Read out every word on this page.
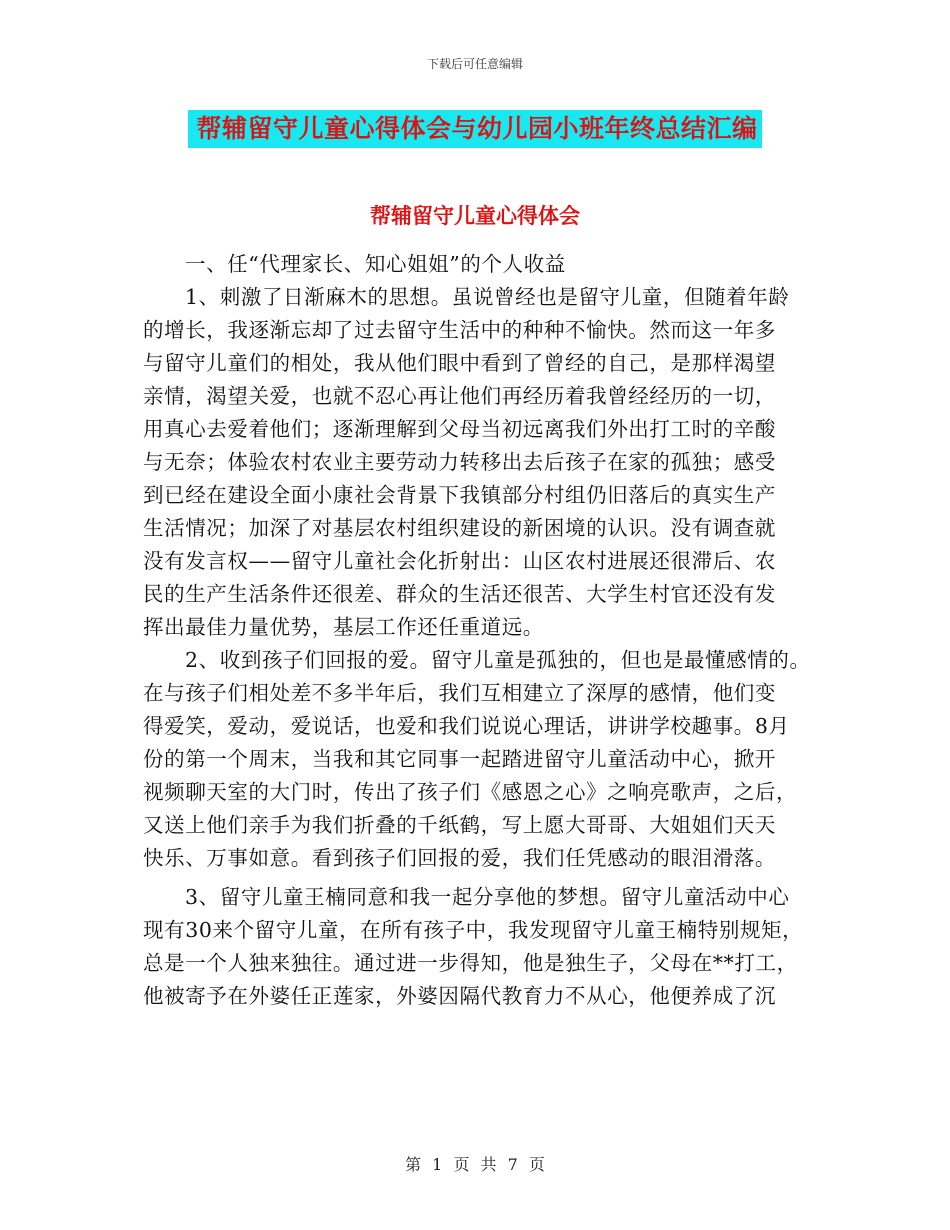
下载后可任意编辑
帮辅留守儿童心得体会与幼儿园小班年终总结汇编
帮辅留守儿童心得体会
一、任“代理家长、知心姐姐”的个人收益
1、刺激了日渐麻木的思想。虽说曾经也是留守儿童，但随着年龄
的增长，我逐渐忘却了过去留守生活中的种种不愉快。然而这一年多
与留守儿童们的相处，我从他们眼中看到了曾经的自己，是那样渴望
亲情，渴望关爱，也就不忍心再让他们再经历着我曾经经历的一切，
用真心去爱着他们；逐渐理解到父母当初远离我们外出打工时的辛酸
与无奈；体验农村农业主要劳动力转移出去后孩子在家的孤独；感受
到已经在建设全面小康社会背景下我镇部分村组仍旧落后的真实生产
生活情况；加深了对基层农村组织建设的新困境的认识。没有调查就
没有发言权——留守儿童社会化折射出：山区农村进展还很滞后、农
民的生产生活条件还很差、群众的生活还很苦、大学生村官还没有发
挥出最佳力量优势，基层工作还任重道远。
2、收到孩子们回报的爱。留守儿童是孤独的，但也是最懂感情的。
在与孩子们相处差不多半年后，我们互相建立了深厚的感情，他们变
得爱笑，爱动，爱说话，也爱和我们说说心理话，讲讲学校趣事。8月
份的第一个周末，当我和其它同事一起踏进留守儿童活动中心，掀开
视频聊天室的大门时，传出了孩子们《感恩之心》之响亮歌声，之后，
又送上他们亲手为我们折叠的千纸鹤，写上愿大哥哥、大姐姐们天天
快乐、万事如意。看到孩子们回报的爱，我们任凭感动的眼泪滑落。
3、留守儿童王楠同意和我一起分享他的梦想。留守儿童活动中心
现有30来个留守儿童，在所有孩子中，我发现留守儿童王楠特别规矩，
总是一个人独来独往。通过进一步得知，他是独生子，父母在**打工，
他被寄予在外婆任正莲家，外婆因隔代教育力不从心，他便养成了沉
第 1 页 共 7 页
